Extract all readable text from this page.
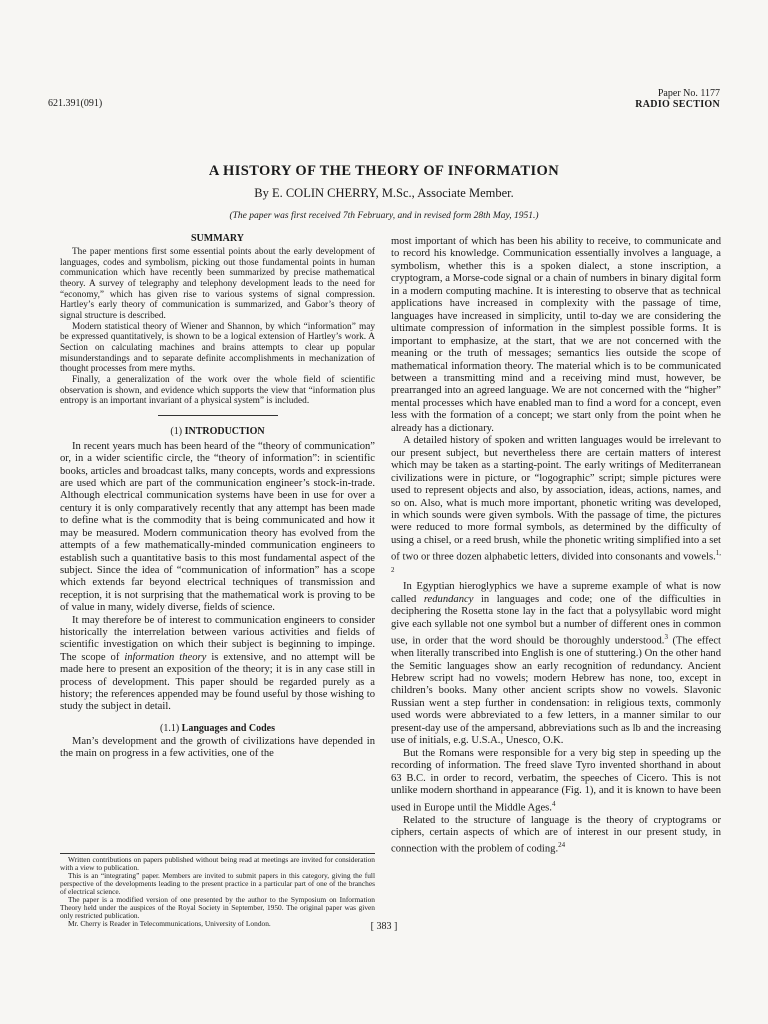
621.391(091)
Paper No. 1177
RADIO SECTION
A HISTORY OF THE THEORY OF INFORMATION
By E. COLIN CHERRY, M.Sc., Associate Member.
(The paper was first received 7th February, and in revised form 28th May, 1951.)
SUMMARY

The paper mentions first some essential points about the early development of languages, codes and symbolism, picking out those fundamental points in human communication which have recently been summarized by precise mathematical theory. A survey of telegraphy and telephony development leads to the need for “economy,” which has given rise to various systems of signal compression. Hartley’s early theory of communication is summarized, and Gabor’s theory of signal structure is described.

Modern statistical theory of Wiener and Shannon, by which “information” may be expressed quantitatively, is shown to be a logical extension of Hartley’s work. A Section on calculating machines and brains attempts to clear up popular misunderstandings and to separate definite accomplishments in mechanization of thought processes from mere myths.

Finally, a generalization of the work over the whole field of scientific observation is shown, and evidence which supports the view that “information plus entropy is an important invariant of a physical system” is included.

(1) INTRODUCTION

In recent years much has been heard of the “theory of communication” or, in a wider scientific circle, the “theory of information”: in scientific books, articles and broadcast talks, many concepts, words and expressions are used which are part of the communication engineer’s stock-in-trade. Although electrical communication systems have been in use for over a century it is only comparatively recently that any attempt has been made to define what is the commodity that is being communicated and how it may be measured. Modern communication theory has evolved from the attempts of a few mathematically-minded communication engineers to establish such a quantitative basis to this most fundamental aspect of the subject. Since the idea of “communication of information” has a scope which extends far beyond electrical techniques of transmission and reception, it is not surprising that the mathematical work is proving to be of value in many, widely diverse, fields of science.

It may therefore be of interest to communication engineers to consider historically the interrelation between various activities and fields of scientific investigation on which their subject is beginning to impinge. The scope of information theory is extensive, and no attempt will be made here to present an exposition of the theory; it is in any case still in process of development. This paper should be regarded purely as a history; the references appended may be found useful by those wishing to study the subject in detail.

(1.1) Languages and Codes

Man’s development and the growth of civilizations have depended in the main on progress in a few activities, one of the

Written contributions on papers published without being read at meetings are invited for consideration with a view to publication.

This is an “integrating” paper. Members are invited to submit papers in this category, giving the full perspective of the developments leading to the present practice in a particular part of one of the branches of electrical science.

The paper is a modified version of one presented by the author to the Symposium on Information Theory held under the auspices of the Royal Society in September, 1950. The original paper was given only restricted publication.

Mr. Cherry is Reader in Telecommunications, University of London.

most important of which has been his ability to receive, to communicate and to record his knowledge. Communication essentially involves a language, a symbolism, whether this is a spoken dialect, a stone inscription, a cryptogram, a Morse-code signal or a chain of numbers in binary digital form in a modern computing machine. It is interesting to observe that as technical applications have increased in complexity with the passage of time, languages have increased in simplicity, until to-day we are considering the ultimate compression of information in the simplest possible forms. It is important to emphasize, at the start, that we are not concerned with the meaning or the truth of messages; semantics lies outside the scope of mathematical information theory. The material which is to be communicated between a transmitting mind and a receiving mind must, however, be prearranged into an agreed language. We are not concerned with the “higher” mental processes which have enabled man to find a word for a concept, even less with the formation of a concept; we start only from the point when he already has a dictionary.

A detailed history of spoken and written languages would be irrelevant to our present subject, but nevertheless there are certain matters of interest which may be taken as a starting-point. The early writings of Mediterranean civilizations were in picture, or “logographic” script; simple pictures were used to represent objects and also, by association, ideas, actions, names, and so on. Also, what is much more important, phonetic writing was developed, in which sounds were given symbols. With the passage of time, the pictures were reduced to more formal symbols, as determined by the difficulty of using a chisel, or a reed brush, while the phonetic writing simplified into a set of two or three dozen alphabetic letters, divided into consonants and vowels.$^{1, 2}$

In Egyptian hieroglyphics we have a supreme example of what is now called redundancy in languages and code; one of the difficulties in deciphering the Rosetta stone lay in the fact that a polysyllabic word might give each syllable not one symbol but a number of different ones in common use, in order that the word should be thoroughly understood.$^3$ (The effect when literally transcribed into English is one of stuttering.) On the other hand the Semitic languages show an early recognition of redundancy. Ancient Hebrew script had no vowels; modern Hebrew has none, too, except in children’s books. Many other ancient scripts show no vowels. Slavonic Russian went a step further in condensation: in religious texts, commonly used words were abbreviated to a few letters, in a manner similar to our present-day use of the ampersand, abbreviations such as lb and the increasing use of initials, e.g. U.S.A., Unesco, O.K.

But the Romans were responsible for a very big step in speeding up the recording of information. The freed slave Tyro invented shorthand in about 63 B.C. in order to record, verbatim, the speeches of Cicero. This is not unlike modern shorthand in appearance (Fig. 1), and it is known to have been used in Europe until the Middle Ages.$^4$

Related to the structure of language is the theory of cryptograms or ciphers, certain aspects of which are of interest in our present study, in connection with the problem of coding.$^{24}$

[ 383 ]
